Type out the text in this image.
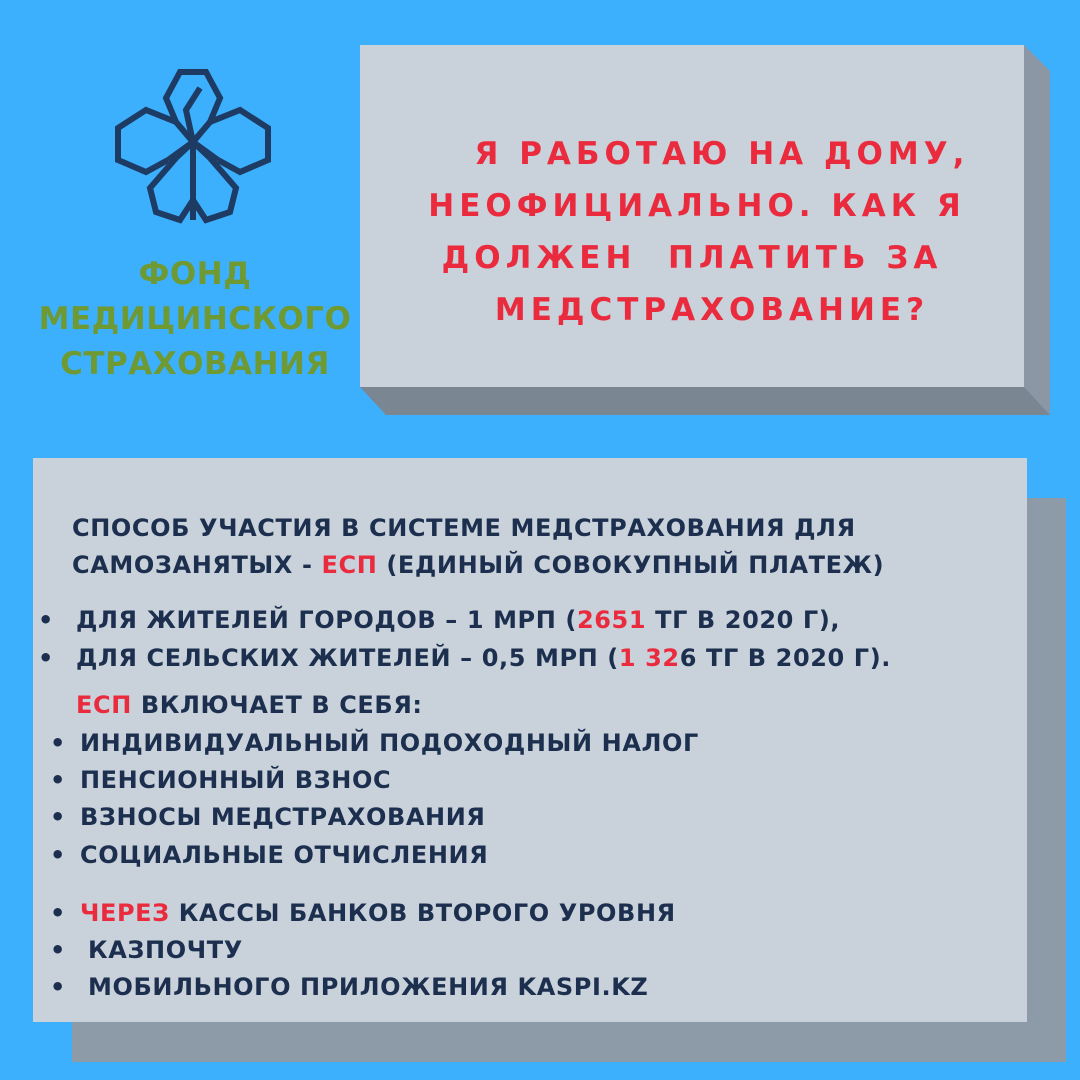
ФОНД
МЕДИЦИНСКОГО
СТРАХОВАНИЯ
Я РАБОТАЮ НА ДОМУ,
НЕОФИЦИАЛЬНО. КАК Я
ДОЛЖЕН  ПЛАТИТЬ ЗА
МЕДСТРАХОВАНИЕ?
СПОСОБ УЧАСТИЯ В СИСТЕМЕ МЕДСТРАХОВАНИЯ ДЛЯ
САМОЗАНЯТЫХ - ЕСП (ЕДИНЫЙ СОВОКУПНЫЙ ПЛАТЕЖ)
• ДЛЯ ЖИТЕЛЕЙ ГОРОДОВ – 1 МРП (2651 ТГ В 2020 Г),
• ДЛЯ СЕЛЬСКИХ ЖИТЕЛЕЙ – 0,5 МРП (1 326 ТГ В 2020 Г).
ЕСП ВКЛЮЧАЕТ В СЕБЯ:
• ИНДИВИДУАЛЬНЫЙ ПОДОХОДНЫЙ НАЛОГ
• ПЕНСИОННЫЙ ВЗНОС
• ВЗНОСЫ МЕДСТРАХОВАНИЯ
• СОЦИАЛЬНЫЕ ОТЧИСЛЕНИЯ
• ЧЕРЕЗ КАССЫ БАНКОВ ВТОРОГО УРОВНЯ
• КАЗПОЧТУ
• МОБИЛЬНОГО ПРИЛОЖЕНИЯ KASPI.KZ
